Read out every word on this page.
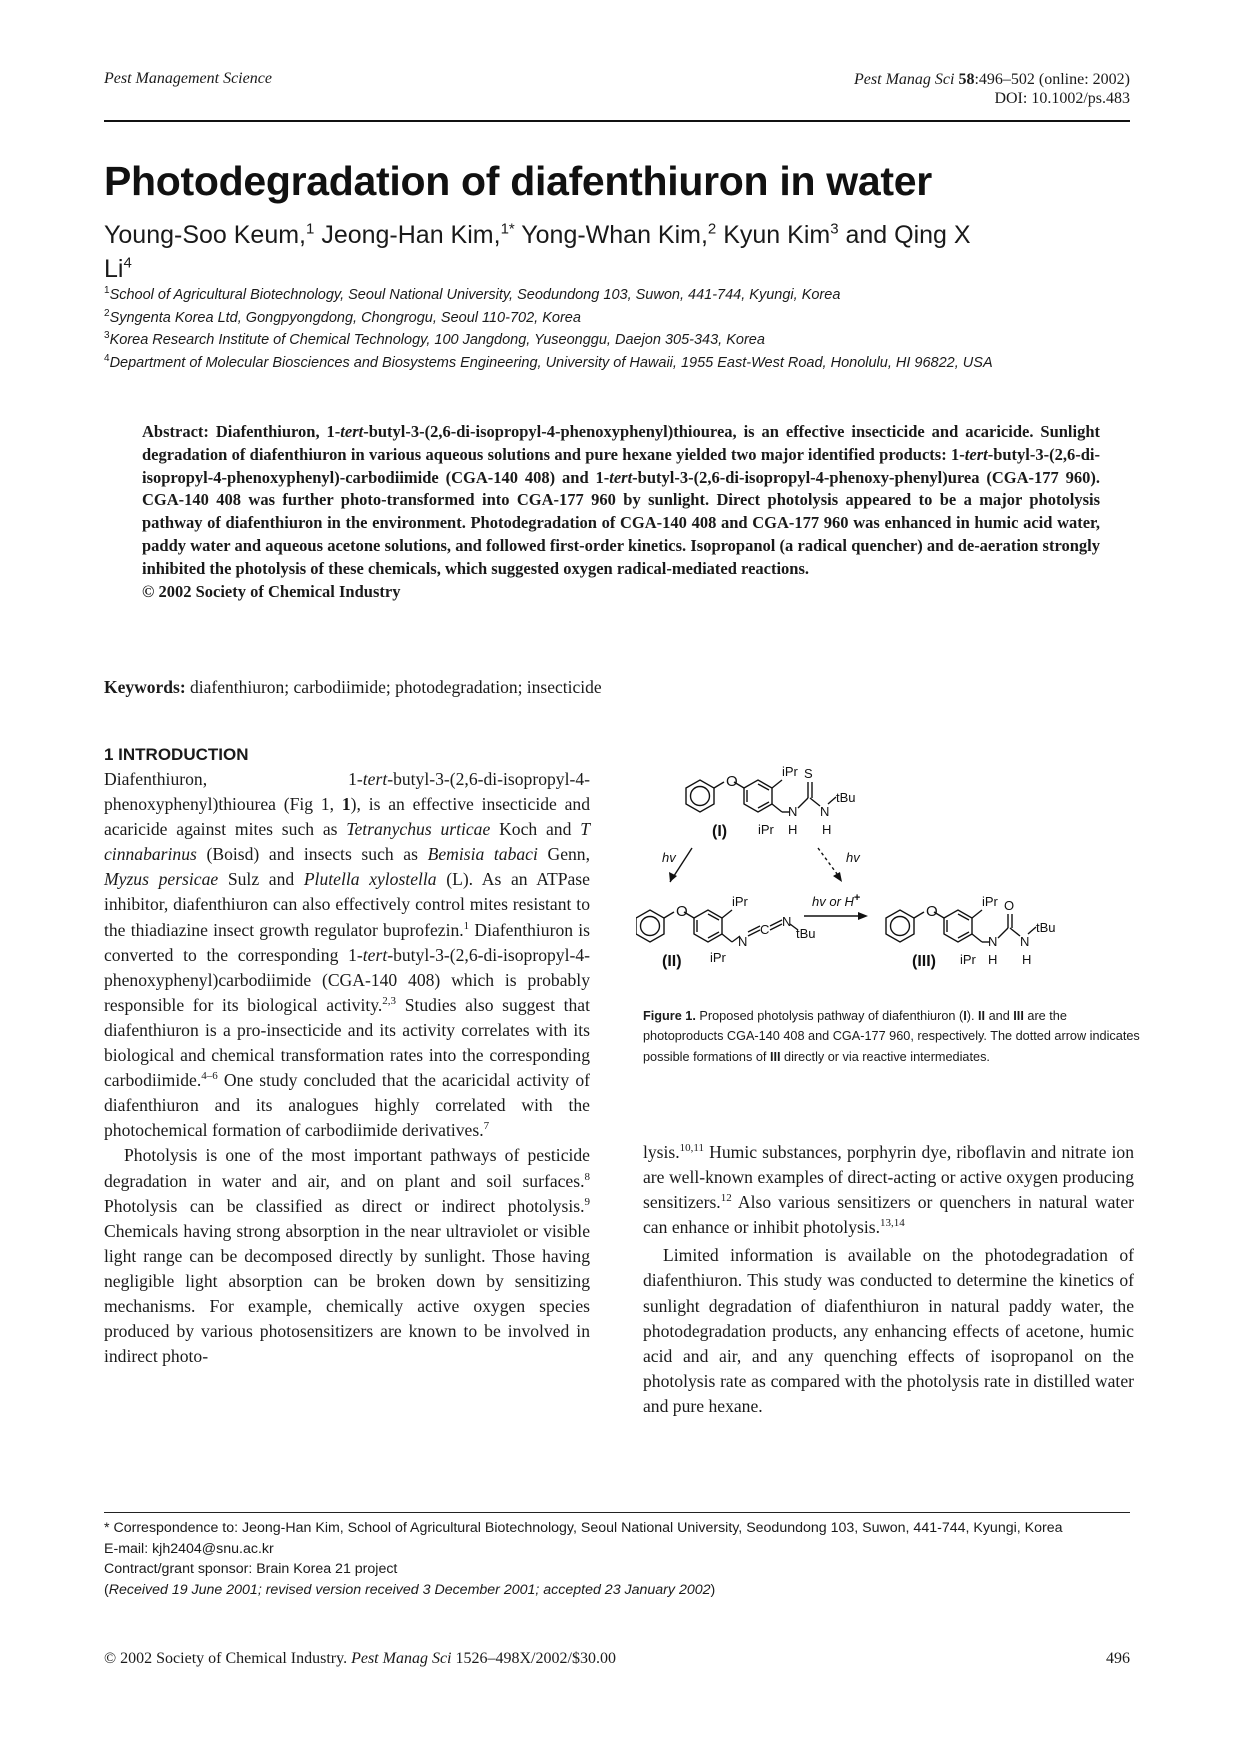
Pest Management Science	Pest Manag Sci 58:496–502 (online: 2002)
DOI: 10.1002/ps.483
Photodegradation of diafenthiuron in water
Young-Soo Keum,$^1$ Jeong-Han Kim,$^{1*}$ Yong-Whan Kim,$^2$ Kyun Kim$^3$ and Qing X Li$^4$
$^1$School of Agricultural Biotechnology, Seoul National University, Seodundong 103, Suwon, 441-744, Kyungi, Korea
$^2$Syngenta Korea Ltd, Gongpyongdong, Chongrogu, Seoul 110-702, Korea
$^3$Korea Research Institute of Chemical Technology, 100 Jangdong, Yuseonggu, Daejon 305-343, Korea
$^4$Department of Molecular Biosciences and Biosystems Engineering, University of Hawaii, 1955 East-West Road, Honolulu, HI 96822, USA
Abstract: Diafenthiuron, 1-tert-butyl-3-(2,6-di-isopropyl-4-phenoxyphenyl)thiourea, is an effective insecticide and acaricide. Sunlight degradation of diafenthiuron in various aqueous solutions and pure hexane yielded two major identified products: 1-tert-butyl-3-(2,6-di-isopropyl-4-phenoxyphenyl)-carbodiimide (CGA-140 408) and 1-tert-butyl-3-(2,6-di-isopropyl-4-phenoxy-phenyl)urea (CGA-177 960). CGA-140 408 was further photo-transformed into CGA-177 960 by sunlight. Direct photolysis appeared to be a major photolysis pathway of diafenthiuron in the environment. Photodegradation of CGA-140 408 and CGA-177 960 was enhanced in humic acid water, paddy water and aqueous acetone solutions, and followed first-order kinetics. Isopropanol (a radical quencher) and de-aeration strongly inhibited the photolysis of these chemicals, which suggested oxygen radical-mediated reactions.
© 2002 Society of Chemical Industry
Keywords: diafenthiuron; carbodiimide; photodegradation; insecticide
1 INTRODUCTION

Diafenthiuron, 1-tert-butyl-3-(2,6-di-isopropyl-4-phenoxyphenyl)thiourea (Fig 1, 1), is an effective insecticide and acaricide against mites such as Tetranychus urticae Koch and T cinnabarinus (Boisd) and insects such as Bemisia tabaci Genn, Myzus persicae Sulz and Plutella xylostella (L). As an ATPase inhibitor, diafenthiuron can also effectively control mites resistant to the thiadiazine insect growth regulator buprofezin.$^1$ Diafenthiuron is converted to the corresponding 1-tert-butyl-3-(2,6-di-isopropyl-4-phenoxyphenyl)carbodiimide (CGA-140 408) which is probably responsible for its biological activity.$^{2,3}$ Studies also suggest that diafenthiuron is a pro-insecticide and its activity correlates with its biological and chemical transformation rates into the corresponding carbodiimide.$^{4-6}$ One study concluded that the acaricidal activity of diafenthiuron and its analogues highly correlated with the photochemical formation of carbodiimide derivatives.$^7$

Photolysis is one of the most important pathways of pesticide degradation in water and air, and on plant and soil surfaces.$^8$ Photolysis can be classified as direct or indirect photolysis.$^9$ Chemicals having strong absorption in the near ultraviolet or visible light range can be decomposed directly by sunlight. Those having negligible light absorption can be broken down by sensitizing mechanisms. For example, chemically active oxygen species produced by various photosensitizers are known to be involved in indirect photo-

O
iPr S
N
H
N
H
tBu
iPr
(I)
hv	hv
O
iPr
N
C
N
tBu
iPr
(II)
hv or H+
O
iPr O
N
H
N
H
tBu
iPr
(III)
Figure 1. Proposed photolysis pathway of diafenthiuron (I). II and III are the photoproducts CGA-140 408 and CGA-177 960, respectively. The dotted arrow indicates possible formations of III directly or via reactive intermediates.

lysis.$^{10,11}$ Humic substances, porphyrin dye, riboflavin and nitrate ion are well-known examples of direct-acting or active oxygen producing sensitizers.$^{12}$ Also various sensitizers or quenchers in natural water can enhance or inhibit photolysis.$^{13,14}$

Limited information is available on the photodegradation of diafenthiuron. This study was conducted to determine the kinetics of sunlight degradation of diafenthiuron in natural paddy water, the photodegradation products, any enhancing effects of acetone, humic acid and air, and any quenching effects of isopropanol on the photolysis rate as compared with the photolysis rate in distilled water and pure hexane.

* Correspondence to: Jeong-Han Kim, School of Agricultural Biotechnology, Seoul National University, Seodundong 103, Suwon, 441-744, Kyungi, Korea
E-mail: kjh2404@snu.ac.kr
Contract/grant sponsor: Brain Korea 21 project
(Received 19 June 2001; revised version received 3 December 2001; accepted 23 January 2002)
© 2002 Society of Chemical Industry. Pest Manag Sci 1526–498X/2002/$30.00	496
